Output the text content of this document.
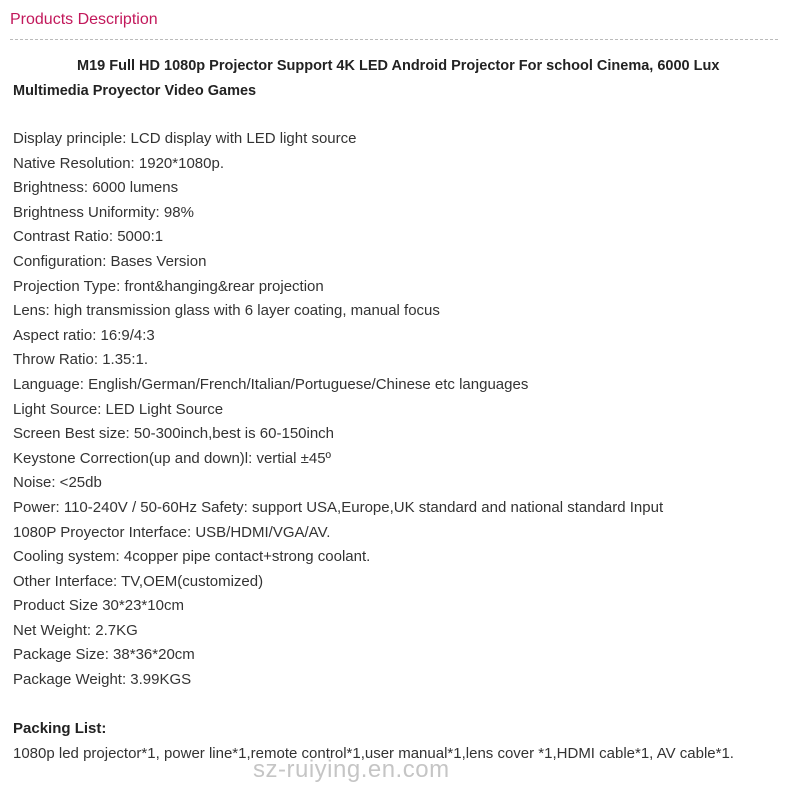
Products Description
M19 Full HD 1080p Projector Support 4K LED Android Projector For school Cinema, 6000 Lux Multimedia Proyector Video Games
Display principle: LCD display with LED light source
Native Resolution: 1920*1080p.
Brightness: 6000 lumens
Brightness Uniformity: 98%
Contrast Ratio: 5000:1
Configuration: Bases Version
Projection Type: front&hanging&rear projection
Lens: high transmission glass with 6 layer coating, manual focus
Aspect ratio: 16:9/4:3
Throw Ratio: 1.35:1.
Language: English/German/French/Italian/Portuguese/Chinese etc languages
Light Source: LED Light Source
Screen Best size: 50-300inch,best is 60-150inch
Keystone Correction(up and down)l: vertial ±45º
Noise: <25db
Power: 110-240V / 50-60Hz Safety: support USA,Europe,UK standard and national standard Input
1080P Proyector Interface: USB/HDMI/VGA/AV.
Cooling system: 4copper pipe contact+strong coolant.
Other Interface: TV,OEM(customized)
Product Size 30*23*10cm
Net Weight: 2.7KG
Package Size: 38*36*20cm
Package Weight: 3.99KGS
Packing List:
1080p led projector*1, power line*1,remote control*1,user manual*1,lens cover *1,HDMI cable*1, AV cable*1.
sz-ruiying.en.com
